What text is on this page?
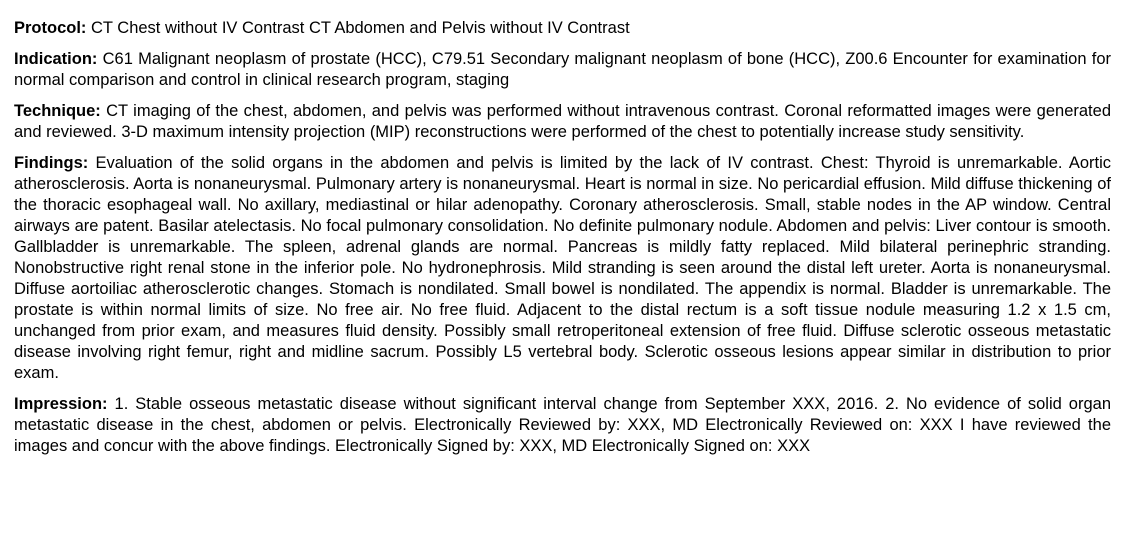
Protocol: CT Chest without IV Contrast CT Abdomen and Pelvis without IV Contrast

Indication: C61 Malignant neoplasm of prostate (HCC), C79.51 Secondary malignant neoplasm of bone (HCC), Z00.6 Encounter for examination for normal comparison and control in clinical research program, staging

Technique: CT imaging of the chest, abdomen, and pelvis was performed without intravenous contrast. Coronal reformatted images were generated and reviewed. 3-D maximum intensity projection (MIP) reconstructions were performed of the chest to potentially increase study sensitivity.

Findings: Evaluation of the solid organs in the abdomen and pelvis is limited by the lack of IV contrast. Chest: Thyroid is unremarkable. Aortic atherosclerosis. Aorta is nonaneurysmal. Pulmonary artery is nonaneurysmal. Heart is normal in size. No pericardial effusion. Mild diffuse thickening of the thoracic esophageal wall. No axillary, mediastinal or hilar adenopathy. Coronary atherosclerosis. Small, stable nodes in the AP window. Central airways are patent. Basilar atelectasis. No focal pulmonary consolidation. No definite pulmonary nodule. Abdomen and pelvis: Liver contour is smooth. Gallbladder is unremarkable. The spleen, adrenal glands are normal. Pancreas is mildly fatty replaced. Mild bilateral perinephric stranding. Nonobstructive right renal stone in the inferior pole. No hydronephrosis. Mild stranding is seen around the distal left ureter. Aorta is nonaneurysmal. Diffuse aortoiliac atherosclerotic changes. Stomach is nondilated. Small bowel is nondilated. The appendix is normal. Bladder is unremarkable. The prostate is within normal limits of size. No free air. No free fluid. Adjacent to the distal rectum is a soft tissue nodule measuring 1.2 x 1.5 cm, unchanged from prior exam, and measures fluid density. Possibly small retroperitoneal extension of free fluid. Diffuse sclerotic osseous metastatic disease involving right femur, right and midline sacrum. Possibly L5 vertebral body. Sclerotic osseous lesions appear similar in distribution to prior exam.

Impression: 1. Stable osseous metastatic disease without significant interval change from September XXX, 2016. 2. No evidence of solid organ metastatic disease in the chest, abdomen or pelvis. Electronically Reviewed by: XXX, MD Electronically Reviewed on: XXX I have reviewed the images and concur with the above findings. Electronically Signed by: XXX, MD Electronically Signed on: XXX
